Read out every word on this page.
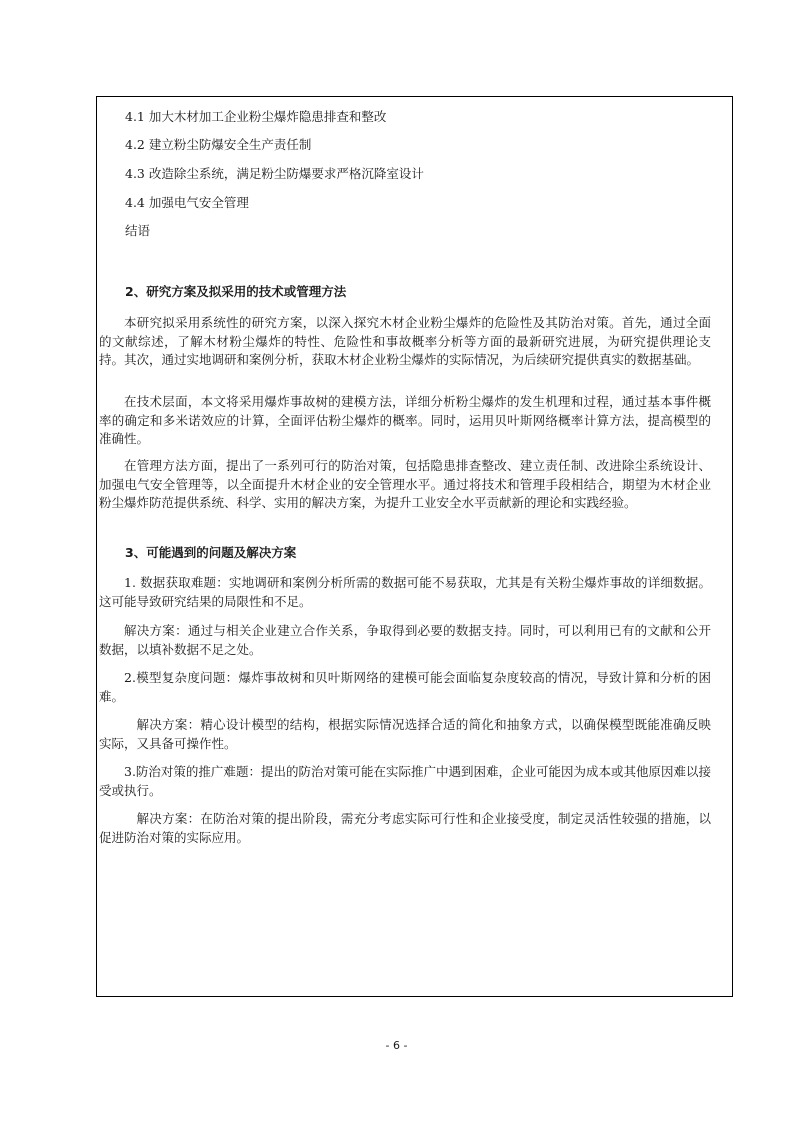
4.1 加大木材加工企业粉尘爆炸隐患排查和整改
4.2 建立粉尘防爆安全生产责任制
4.3 改造除尘系统，满足粉尘防爆要求严格沉降室设计
4.4 加强电气安全管理
结语
2、研究方案及拟采用的技术或管理方法

本研究拟采用系统性的研究方案，以深入探究木材企业粉尘爆炸的危险性及其防治对策。首先，通过全面的文献综述，了解木材粉尘爆炸的特性、危险性和事故概率分析等方面的最新研究进展，为研究提供理论支持。其次，通过实地调研和案例分析，获取木材企业粉尘爆炸的实际情况，为后续研究提供真实的数据基础。

在技术层面，本文将采用爆炸事故树的建模方法，详细分析粉尘爆炸的发生机理和过程，通过基本事件概率的确定和多米诺效应的计算，全面评估粉尘爆炸的概率。同时，运用贝叶斯网络概率计算方法，提高模型的准确性。

在管理方法方面，提出了一系列可行的防治对策，包括隐患排查整改、建立责任制、改进除尘系统设计、加强电气安全管理等，以全面提升木材企业的安全管理水平。通过将技术和管理手段相结合，期望为木材企业粉尘爆炸防范提供系统、科学、实用的解决方案，为提升工业安全水平贡献新的理论和实践经验。

3、可能遇到的问题及解决方案

1. 数据获取难题：实地调研和案例分析所需的数据可能不易获取，尤其是有关粉尘爆炸事故的详细数据。这可能导致研究结果的局限性和不足。

解决方案：通过与相关企业建立合作关系，争取得到必要的数据支持。同时，可以利用已有的文献和公开数据，以填补数据不足之处。

2.模型复杂度问题：爆炸事故树和贝叶斯网络的建模可能会面临复杂度较高的情况，导致计算和分析的困难。

解决方案：精心设计模型的结构，根据实际情况选择合适的简化和抽象方式，以确保模型既能准确反映实际，又具备可操作性。

3.防治对策的推广难题：提出的防治对策可能在实际推广中遇到困难，企业可能因为成本或其他原因难以接受或执行。

解决方案：在防治对策的提出阶段，需充分考虑实际可行性和企业接受度，制定灵活性较强的措施，以促进防治对策的实际应用。

- 6 -
